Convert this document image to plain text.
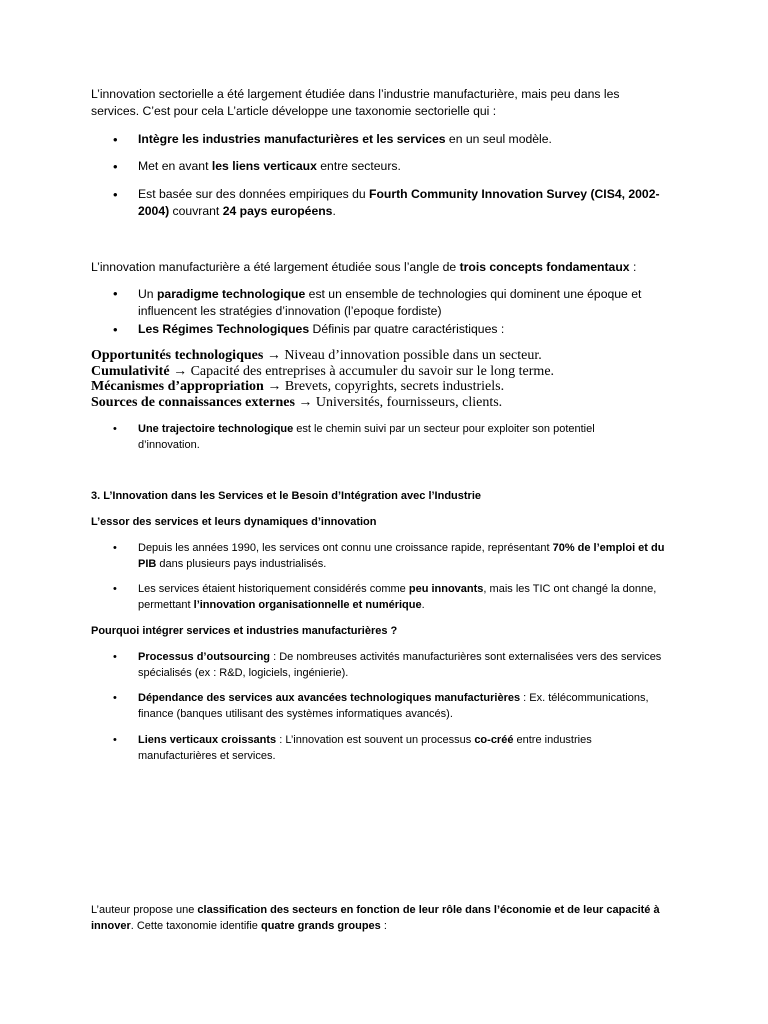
L’innovation sectorielle a été largement étudiée dans l’industrie manufacturière, mais peu dans les
services. C’est pour cela L’article développe une taxonomie sectorielle qui :

• Intègre les industries manufacturières et les services en un seul modèle.

• Met en avant les liens verticaux entre secteurs.

• Est basée sur des données empiriques du Fourth Community Innovation Survey (CIS4, 2002-2004) couvrant 24 pays européens.

L’innovation manufacturière a été largement étudiée sous l’angle de trois concepts fondamentaux :

• Un paradigme technologique est un ensemble de technologies qui dominent une époque et influencent les stratégies d’innovation (l’epoque fordiste)

• Les Régimes Technologiques Définis par quatre caractéristiques :

Opportunités technologiques → Niveau d’innovation possible dans un secteur.

Cumulativité → Capacité des entreprises à accumuler du savoir sur le long terme.

Mécanismes d’appropriation → Brevets, copyrights, secrets industriels.

Sources de connaissances externes → Universités, fournisseurs, clients.

• Une trajectoire technologique est le chemin suivi par un secteur pour exploiter son potentiel d’innovation.

3. L’Innovation dans les Services et le Besoin d’Intégration avec l’Industrie

L’essor des services et leurs dynamiques d’innovation

• Depuis les années 1990, les services ont connu une croissance rapide, représentant 70% de l’emploi et du PIB dans plusieurs pays industrialisés.

• Les services étaient historiquement considérés comme peu innovants, mais les TIC ont changé la donne, permettant l’innovation organisationnelle et numérique.

Pourquoi intégrer services et industries manufacturières ?

• Processus d’outsourcing : De nombreuses activités manufacturières sont externalisées vers des services spécialisés (ex : R&D, logiciels, ingénierie).

• Dépendance des services aux avancées technologiques manufacturières : Ex. télécommunications, finance (banques utilisant des systèmes informatiques avancés).

• Liens verticaux croissants : L’innovation est souvent un processus co-créé entre industries manufacturières et services.

L’auteur propose une classification des secteurs en fonction de leur rôle dans l’économie et de leur capacité à innover. Cette taxonomie identifie quatre grands groupes :
